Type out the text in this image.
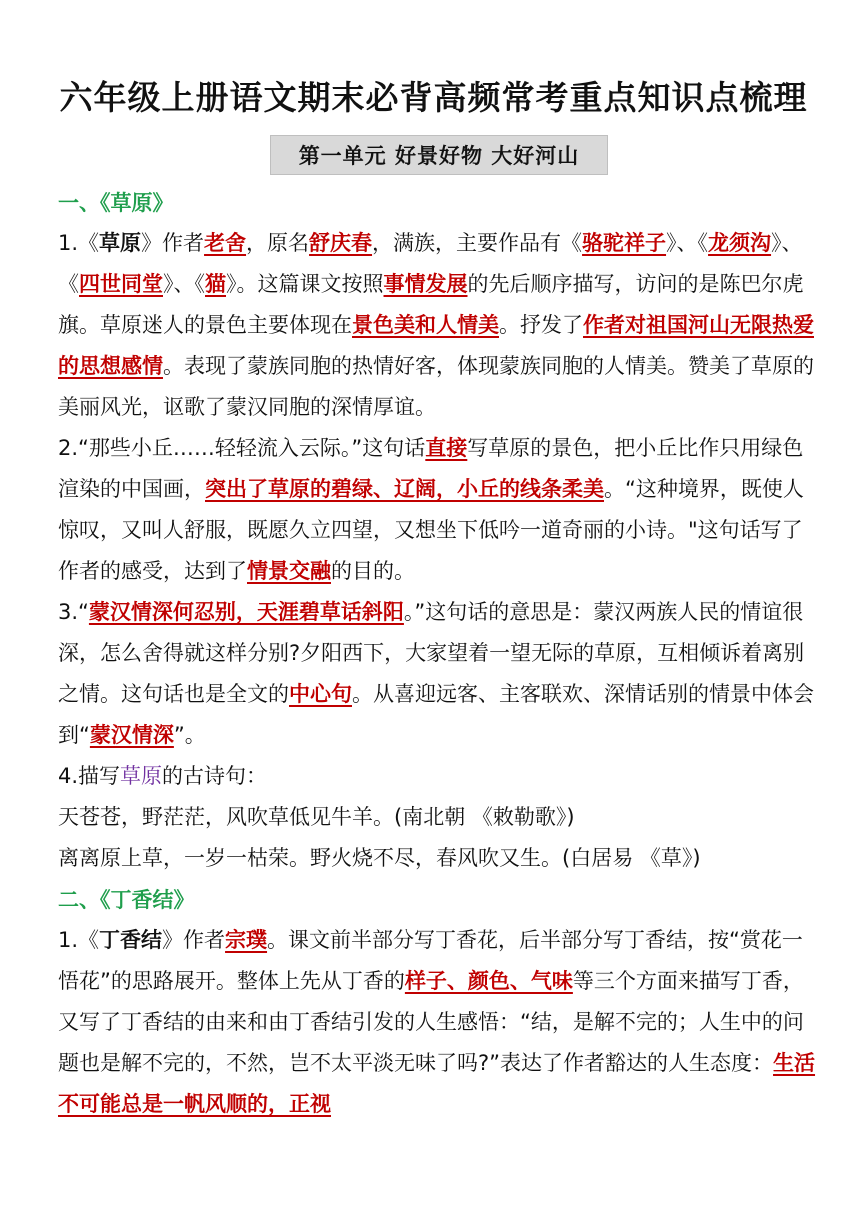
六年级上册语文期末必背高频常考重点知识点梳理
第一单元 好景好物 大好河山
一、《草原》
1.《草原》作者老舍，原名舒庆春，满族，主要作品有《骆驼祥子》、《龙须沟》、《四世同堂》、《猫》。这篇课文按照事情发展的先后顺序描写，访问的是陈巴尔虎旗。草原迷人的景色主要体现在景色美和人情美。抒发了作者对祖国河山无限热爱的思想感情。表现了蒙族同胞的热情好客，体现蒙族同胞的人情美。赞美了草原的美丽风光，讴歌了蒙汉同胞的深情厚谊。
2.“那些小丘……轻轻流入云际。”这句话直接写草原的景色，把小丘比作只用绿色渲染的中国画，突出了草原的碧绿、辽阔，小丘的线条柔美。“这种境界，既使人惊叹，又叫人舒服，既愿久立四望，又想坐下低吟一道奇丽的小诗。"这句话写了作者的感受，达到了情景交融的目的。
3.“蒙汉情深何忍别，天涯碧草话斜阳。”这句话的意思是：蒙汉两族人民的情谊很深，怎么舍得就这样分别?夕阳西下，大家望着一望无际的草原，互相倾诉着离别之情。这句话也是全文的中心句。从喜迎远客、主客联欢、深情话别的情景中体会到“蒙汉情深”。
4.描写草原的古诗句：
天苍苍，野茫茫，风吹草低见牛羊。(南北朝 《敕勒歌》)
离离原上草，一岁一枯荣。野火烧不尽，春风吹又生。(白居易 《草》)
二、《丁香结》
1.《丁香结》作者宗璞。课文前半部分写丁香花，后半部分写丁香结，按“赏花一悟花”的思路展开。整体上先从丁香的样子、颜色、气味等三个方面来描写丁香，又写了丁香结的由来和由丁香结引发的人生感悟：“结，是解不完的；人生中的问题也是解不完的，不然，岂不太平淡无味了吗?”表达了作者豁达的人生态度：生活不可能总是一帆风顺的，正视
